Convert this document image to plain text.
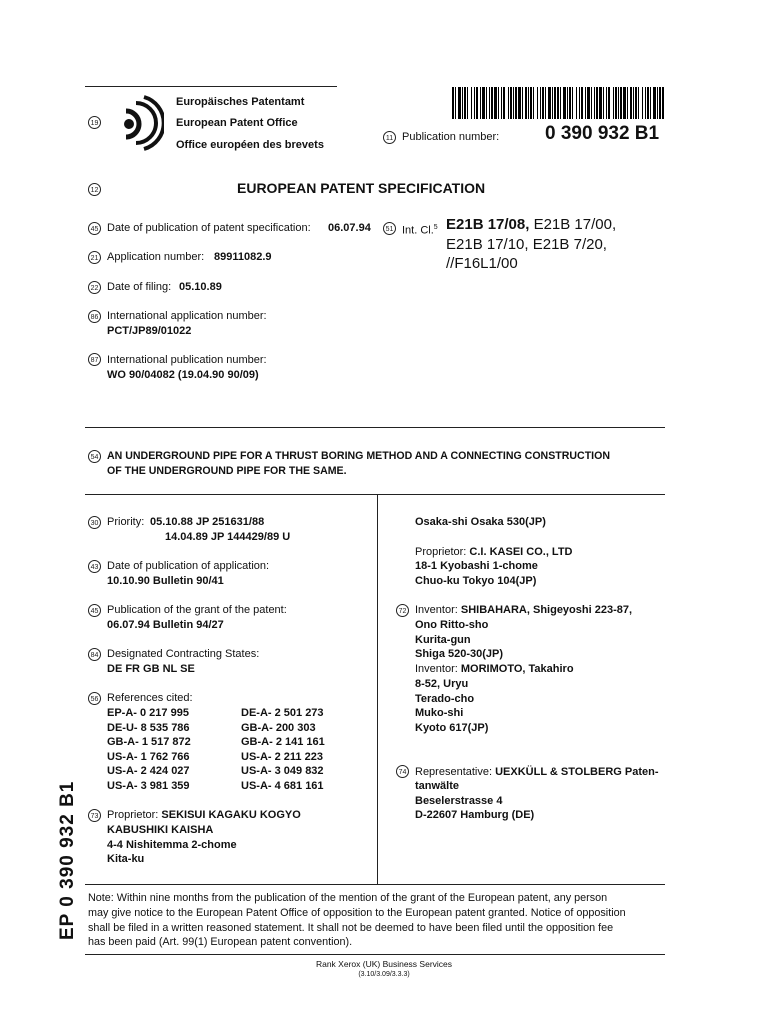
19
Europäisches Patentamt
European Patent Office
Office européen des brevets
11 Publication number: 0 390 932 B1
12	EUROPEAN PATENT SPECIFICATION
45 Date of publication of patent specification: 06.07.94
21 Application number: 89911082.9
22 Date of filing: 05.10.89
86 International application number:
PCT/JP89/01022
87 International publication number:
WO 90/04082 (19.04.90 90/09)
51 Int. Cl.$^5$ E21B 17/08, E21B 17/00,
E21B 17/10, E21B 7/20,
//F16L1/00
54 AN UNDERGROUND PIPE FOR A THRUST BORING METHOD AND A CONNECTING CONSTRUCTION
OF THE UNDERGROUND PIPE FOR THE SAME.
30 Priority: 05.10.88 JP 251631/88
14.04.89 JP 144429/89 U
43 Date of publication of application:
10.10.90 Bulletin 90/41
45 Publication of the grant of the patent:
06.07.94 Bulletin 94/27
84 Designated Contracting States:
DE FR GB NL SE
56 References cited:
EP-A- 0 217 995	DE-A- 2 501 273
DE-U- 8 535 786	GB-A- 200 303
GB-A- 1 517 872	GB-A- 2 141 161
US-A- 1 762 766	US-A- 2 211 223
US-A- 2 424 027	US-A- 3 049 832
US-A- 3 981 359	US-A- 4 681 161
73 Proprietor: SEKISUI KAGAKU KOGYO
KABUSHIKI KAISHA
4-4 Nishitemma 2-chome
Kita-ku
Osaka-shi Osaka 530(JP)
Proprietor: C.I. KASEI CO., LTD
18-1 Kyobashi 1-chome
Chuo-ku Tokyo 104(JP)
72 Inventor: SHIBAHARA, Shigeyoshi 223-87,
Ono Ritto-sho
Kurita-gun
Shiga 520-30(JP)
Inventor: MORIMOTO, Takahiro
8-52, Uryu
Terado-cho
Muko-shi
Kyoto 617(JP)
74 Representative: UEXKÜLL & STOLBERG Paten-
tanwälte
Beselerstrasse 4
D-22607 Hamburg (DE)
Note: Within nine months from the publication of the mention of the grant of the European patent, any person
may give notice to the European Patent Office of opposition to the European patent granted. Notice of opposition
shall be filed in a written reasoned statement. It shall not be deemed to have been filed until the opposition fee
has been paid (Art. 99(1) European patent convention).
Rank Xerox (UK) Business Services
(3.10/3.09/3.3.3)
EP 0 390 932 B1
